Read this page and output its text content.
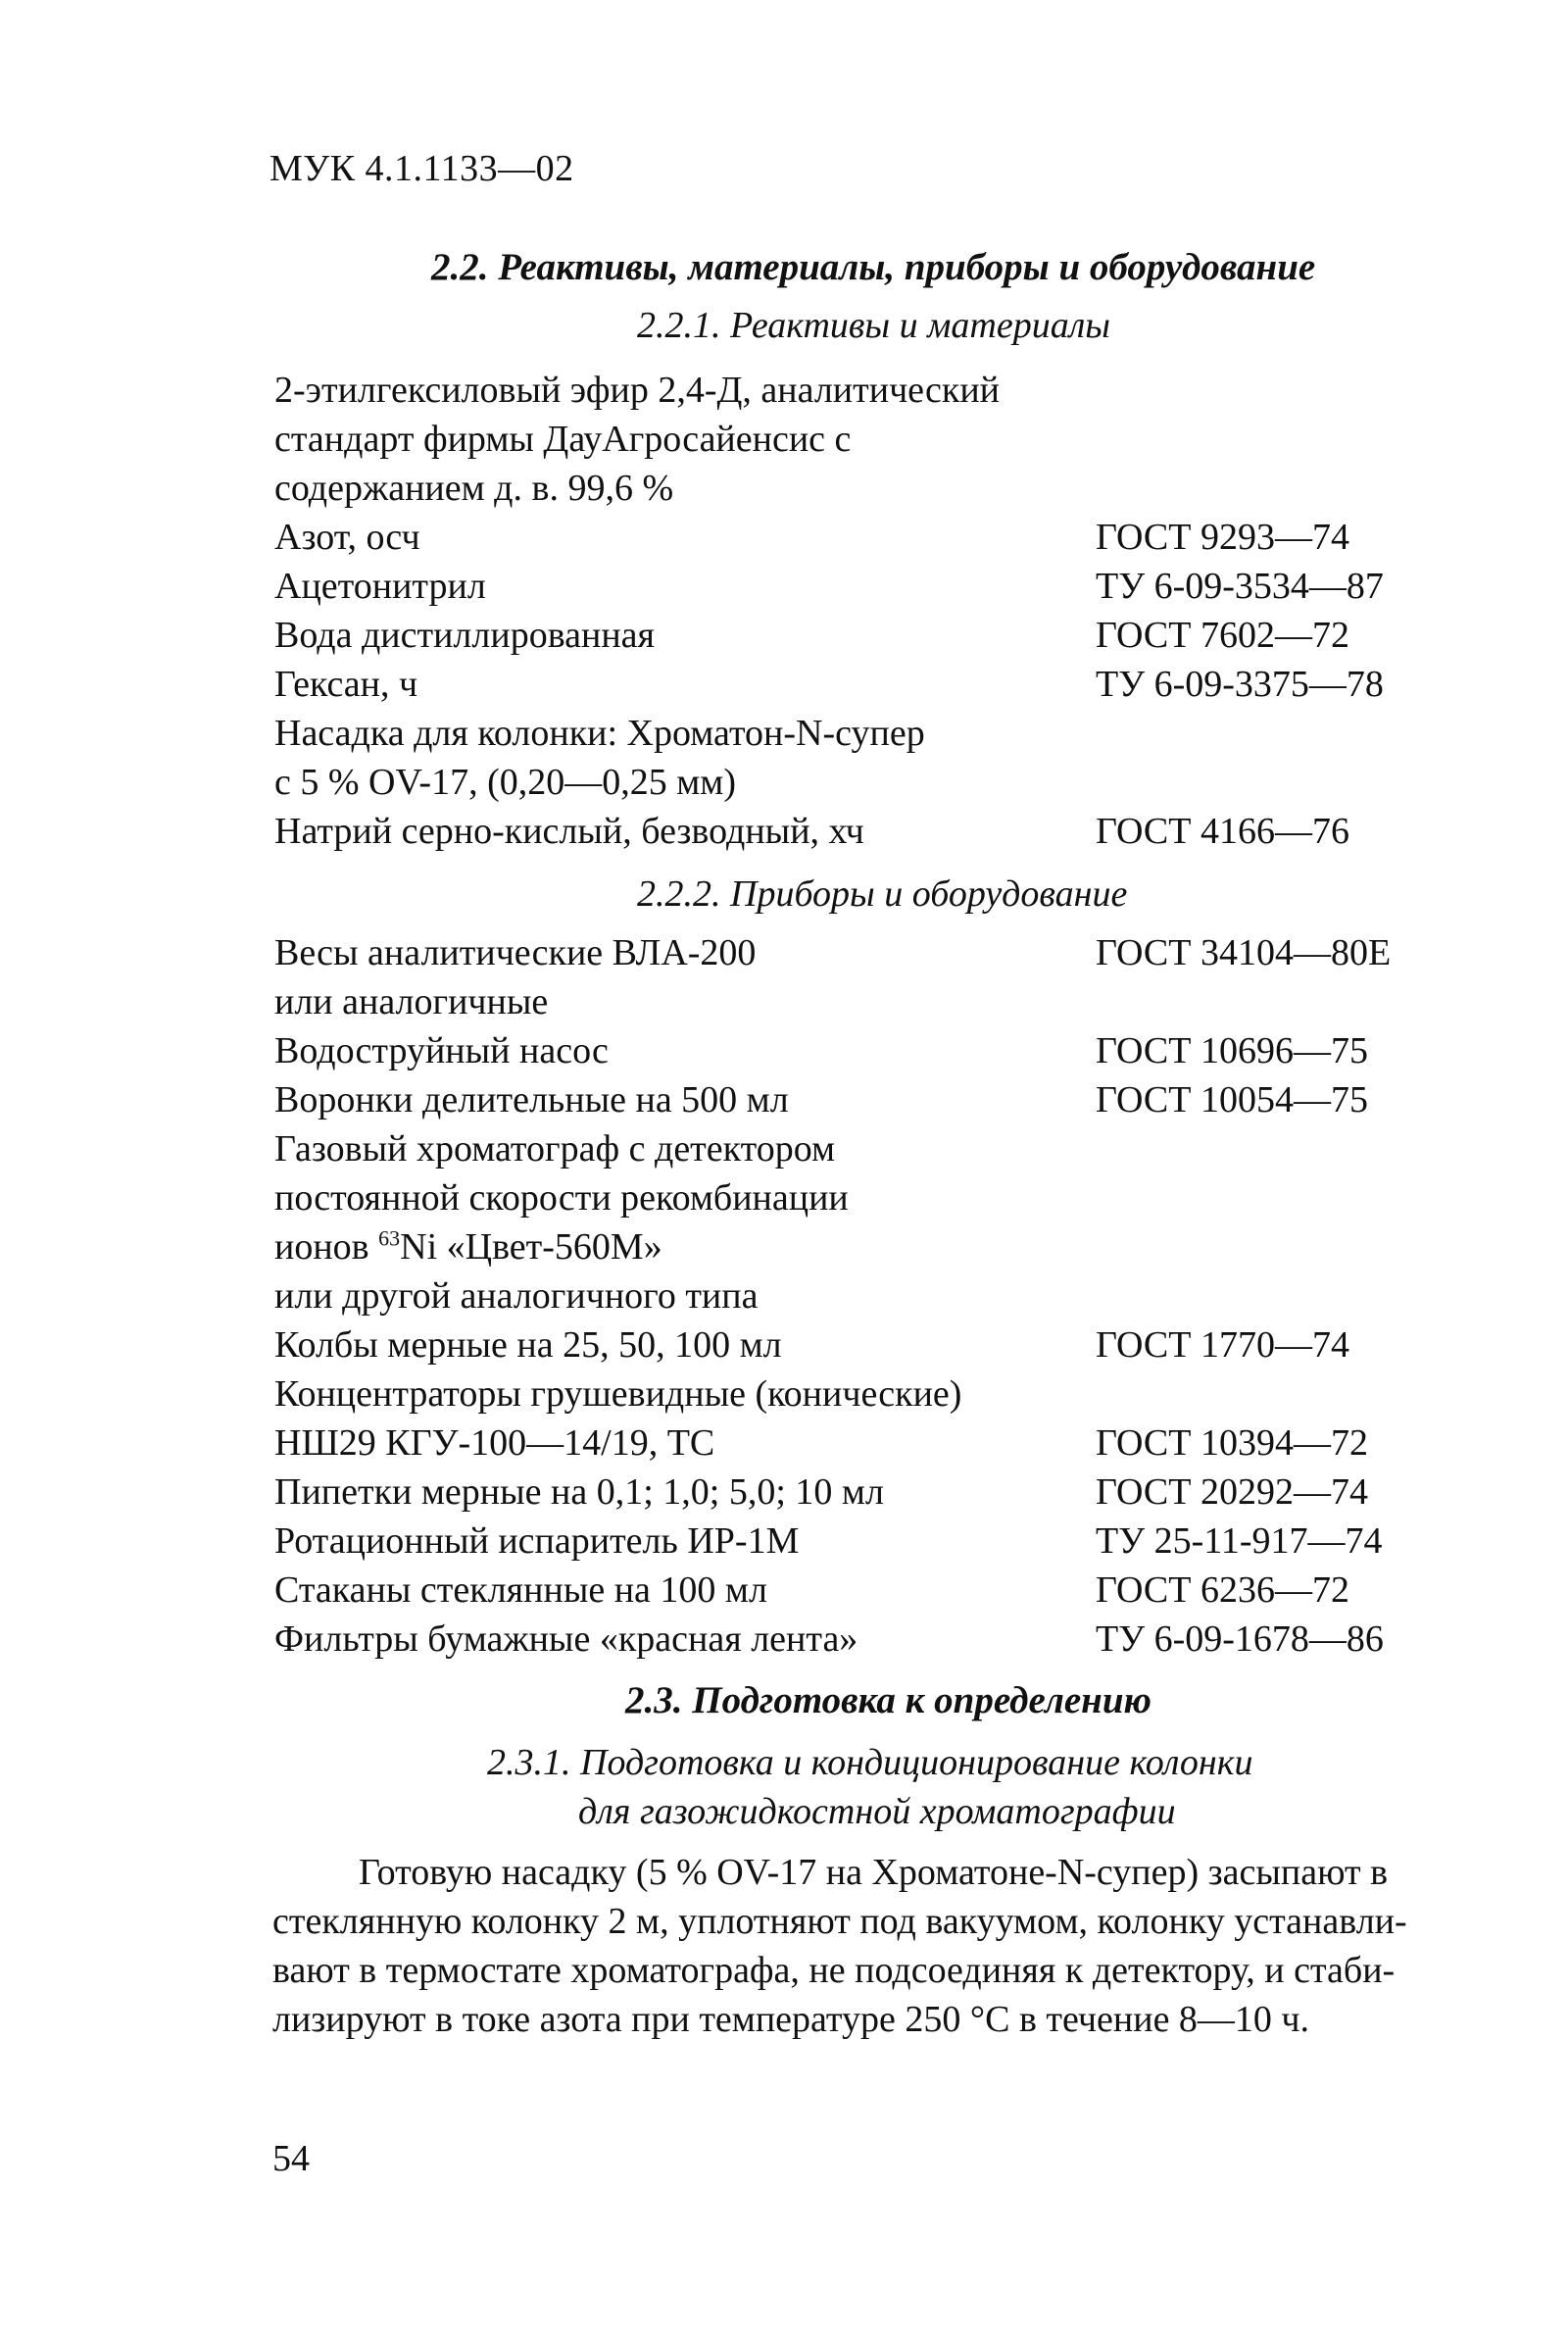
МУК 4.1.1133—02
2.2. Реактивы, материалы, приборы и оборудование
2.2.1. Реактивы и материалы
2-этилгексиловый эфир 2,4-Д, аналитический
стандарт фирмы ДауАгросайенсис с
содержанием д. в. 99,6 %
Азот, осч	ГОСТ 9293—74
Ацетонитрил	ТУ 6-09-3534—87
Вода дистиллированная	ГОСТ 7602—72
Гексан, ч	ТУ 6-09-3375—78
Насадка для колонки: Хроматон-N-супер
с 5 % OV-17, (0,20—0,25 мм)
Натрий серно-кислый, безводный, хч	ГОСТ 4166—76
2.2.2. Приборы и оборудование
Весы аналитические ВЛА-200	ГОСТ 34104—80Е
или аналогичные
Водоструйный насос	ГОСТ 10696—75
Воронки делительные на 500 мл	ГОСТ 10054—75
Газовый хроматограф с детектором
постоянной скорости рекомбинации
ионов $^{63}$Ni «Цвет-560М»
или другой аналогичного типа
Колбы мерные на 25, 50, 100 мл	ГОСТ 1770—74
Концентраторы грушевидные (конические)
НШ29 КГУ-100—14/19, ТС	ГОСТ 10394—72
Пипетки мерные на 0,1; 1,0; 5,0; 10 мл	ГОСТ 20292—74
Ротационный испаритель ИР-1М	ТУ 25-11-917—74
Стаканы стеклянные на 100 мл	ГОСТ 6236—72
Фильтры бумажные «красная лента»	ТУ 6-09-1678—86
2.3. Подготовка к определению
2.3.1. Подготовка и кондиционирование колонки
для газожидкостной хроматографии
Готовую насадку (5 % OV-17 на Хроматоне-N-супер) засыпают в
стеклянную колонку 2 м, уплотняют под вакуумом, колонку устанавли-
вают в термостате хроматографа, не подсоединяя к детектору, и стаби-
лизируют в токе азота при температуре 250 °С в течение 8—10 ч.
54
